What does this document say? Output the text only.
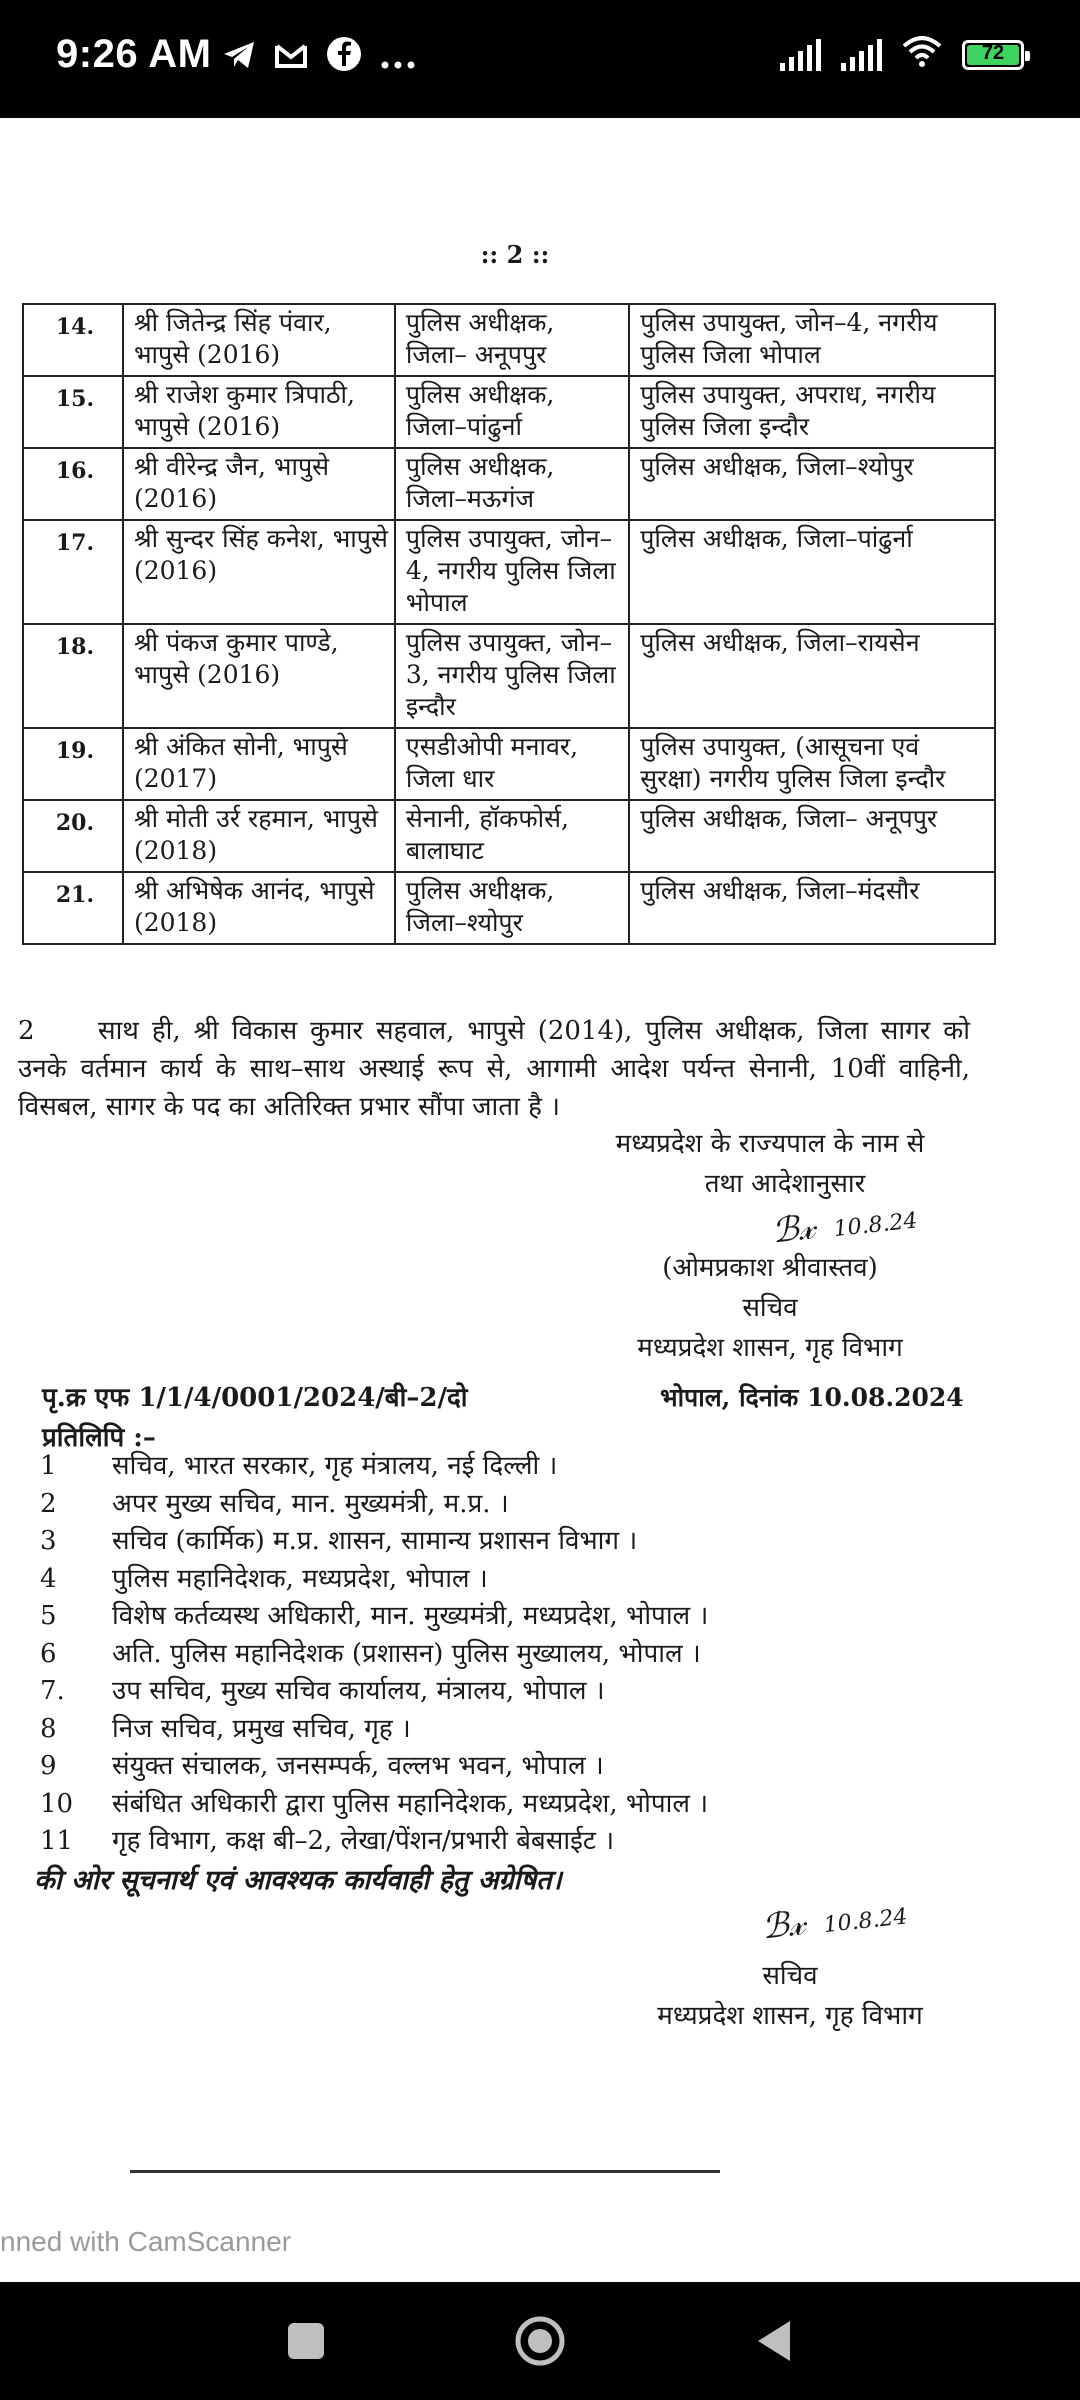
9:26 AM	72
:: 2 ::
14.	श्री जितेन्द्र सिंह पंवार, भापुसे (2016)	पुलिस अधीक्षक, जिला– अनूपपुर	पुलिस उपायुक्त, जोन–4, नगरीय पुलिस जिला भोपाल
15.	श्री राजेश कुमार त्रिपाठी, भापुसे (2016)	पुलिस अधीक्षक, जिला–पांढुर्ना	पुलिस उपायुक्त, अपराध, नगरीय पुलिस जिला इन्दौर
16.	श्री वीरेन्द्र जैन, भापुसे (2016)	पुलिस अधीक्षक, जिला–मऊगंज	पुलिस अधीक्षक, जिला–श्योपुर
17.	श्री सुन्दर सिंह कनेश, भापुसे (2016)	पुलिस उपायुक्त, जोन–4, नगरीय पुलिस जिला भोपाल	पुलिस अधीक्षक, जिला–पांढुर्ना
18.	श्री पंकज कुमार पाण्डे, भापुसे (2016)	पुलिस उपायुक्त, जोन–3, नगरीय पुलिस जिला इन्दौर	पुलिस अधीक्षक, जिला–रायसेन
19.	श्री अंकित सोनी, भापुसे (2017)	एसडीओपी मनावर, जिला धार	पुलिस उपायुक्त, (आसूचना एवं सुरक्षा) नगरीय पुलिस जिला इन्दौर
20.	श्री मोती उर्र रहमान, भापुसे (2018)	सेनानी, हॉकफोर्स, बालाघाट	पुलिस अधीक्षक, जिला– अनूपपुर
21.	श्री अभिषेक आनंद, भापुसे (2018)	पुलिस अधीक्षक, जिला–श्योपुर	पुलिस अधीक्षक, जिला–मंदसौर
2 साथ ही, श्री विकास कुमार सहवाल, भापुसे (2014), पुलिस अधीक्षक, जिला सागर को उनके वर्तमान कार्य के साथ–साथ अस्थाई रूप से, आगामी आदेश पर्यन्त सेनानी, 10वीं वाहिनी, विसबल, सागर के पद का अतिरिक्त प्रभार सौंपा जाता है ।
मध्यप्रदेश के राज्यपाल के नाम से
तथा आदेशानुसार
ℬ𝓍 10.8.24
(ओमप्रकाश श्रीवास्तव)
सचिव
मध्यप्रदेश शासन, गृह विभाग
पृ.क्र एफ 1/1/4/0001/2024/बी–2/दो	भोपाल, दिनांक 10.08.2024
प्रतिलिपि :–
1	सचिव, भारत सरकार, गृह मंत्रालय, नई दिल्ली ।
2	अपर मुख्य सचिव, मान. मुख्यमंत्री, म.प्र. ।
3	सचिव (कार्मिक) म.प्र. शासन, सामान्य प्रशासन विभाग ।
4	पुलिस महानिदेशक, मध्यप्रदेश, भोपाल ।
5	विशेष कर्तव्यस्थ अधिकारी, मान. मुख्यमंत्री, मध्यप्रदेश, भोपाल ।
6	अति. पुलिस महानिदेशक (प्रशासन) पुलिस मुख्यालय, भोपाल ।
7.	उप सचिव, मुख्य सचिव कार्यालय, मंत्रालय, भोपाल ।
8	निज सचिव, प्रमुख सचिव, गृह ।
9	संयुक्त संचालक, जनसम्पर्क, वल्लभ भवन, भोपाल ।
10	संबंधित अधिकारी द्वारा पुलिस महानिदेशक, मध्यप्रदेश, भोपाल ।
11	गृह विभाग, कक्ष बी–2, लेखा/पेंशन/प्रभारी बेबसाईट ।
की ओर सूचनार्थ एवं आवश्यक कार्यवाही हेतु अग्रेषित।
ℬ𝓍 10.8.24
सचिव
मध्यप्रदेश शासन, गृह विभाग
nned with CamScanner
